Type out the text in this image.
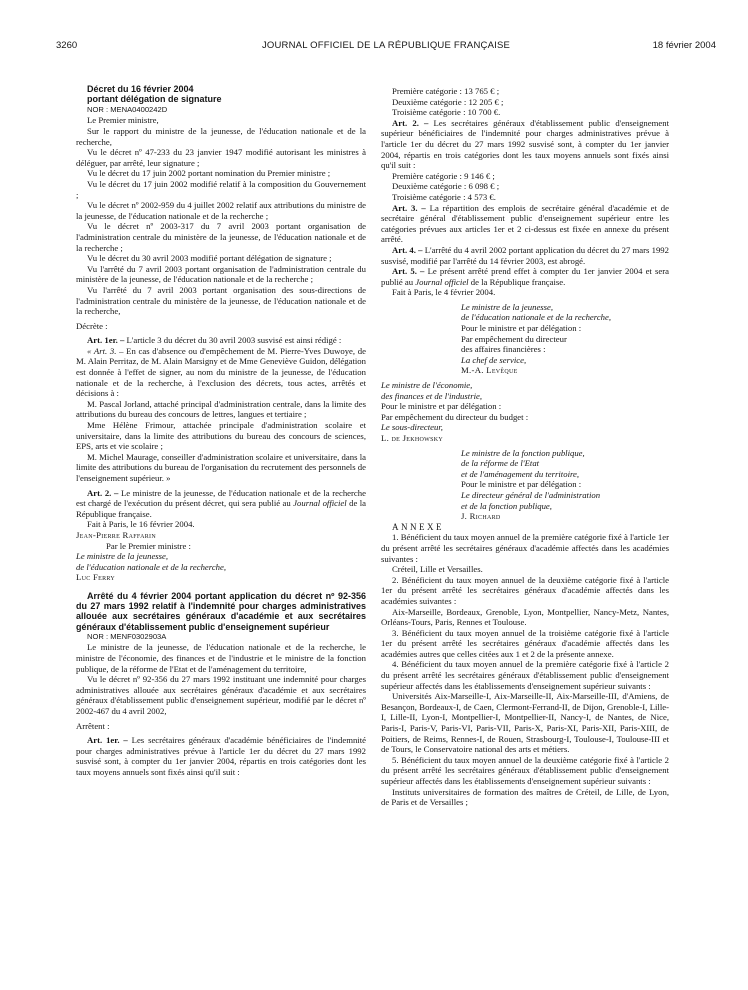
3260	JOURNAL OFFICIEL DE LA RÉPUBLIQUE FRANÇAISE	18 février 2004

Décret du 16 février 2004

portant délégation de signature

NOR : MENA0400242D

Le Premier ministre,

Sur le rapport du ministre de la jeunesse, de l'éducation nationale et de la recherche,

Vu le décret nº 47-233 du 23 janvier 1947 modifié autorisant les ministres à déléguer, par arrêté, leur signature ;

Vu le décret du 17 juin 2002 portant nomination du Premier ministre ;

Vu le décret du 17 juin 2002 modifié relatif à la composition du Gouvernement ;

Vu le décret nº 2002-959 du 4 juillet 2002 relatif aux attributions du ministre de la jeunesse, de l'éducation nationale et de la recherche ;

Vu le décret nº 2003-317 du 7 avril 2003 portant organisation de l'administration centrale du ministère de la jeunesse, de l'éducation nationale et de la recherche ;

Vu le décret du 30 avril 2003 modifié portant délégation de signature ;

Vu l'arrêté du 7 avril 2003 portant organisation de l'administration centrale du ministère de la jeunesse, de l'éducation nationale et de la recherche ;

Vu l'arrêté du 7 avril 2003 portant organisation des sous-directions de l'administration centrale du ministère de la jeunesse, de l'éducation nationale et de la recherche,

Décrète :

Art. 1er. – L'article 3 du décret du 30 avril 2003 susvisé est ainsi rédigé :

« Art. 3. – En cas d'absence ou d'empêchement de M. Pierre-Yves Duwoye, de M. Alain Perritaz, de M. Alain Marsigny et de Mme Geneviève Guidon, délégation est donnée à l'effet de signer, au nom du ministre de la jeunesse, de l'éducation nationale et de la recherche, à l'exclusion des décrets, tous actes, arrêtés et décisions à :

M. Pascal Jorland, attaché principal d'administration centrale, dans la limite des attributions du bureau des concours de lettres, langues et tertiaire ;

Mme Hélène Frimour, attachée principale d'administration scolaire et universitaire, dans la limite des attributions du bureau des concours de sciences, EPS, arts et vie scolaire ;

M. Michel Maurage, conseiller d'administration scolaire et universitaire, dans la limite des attributions du bureau de l'organisation du recrutement des personnels de l'enseignement supérieur. »

Art. 2. – Le ministre de la jeunesse, de l'éducation nationale et de la recherche est chargé de l'exécution du présent décret, qui sera publié au Journal officiel de la République française.

Fait à Paris, le 16 février 2004.

Jean-Pierre Raffarin

Par le Premier ministre :

Le ministre de la jeunesse,

de l'éducation nationale et de la recherche,

Luc Ferry

Arrêté du 4 février 2004 portant application du décret nº 92-356 du 27 mars 1992 relatif à l'indemnité pour charges administratives allouée aux secrétaires généraux d'académie et aux secrétaires généraux d'établissement public d'enseignement supérieur

NOR : MENF0302903A

Le ministre de la jeunesse, de l'éducation nationale et de la recherche, le ministre de l'économie, des finances et de l'industrie et le ministre de la fonction publique, de la réforme de l'Etat et de l'aménagement du territoire,

Vu le décret nº 92-356 du 27 mars 1992 instituant une indemnité pour charges administratives allouée aux secrétaires généraux d'académie et aux secrétaires généraux d'établissement public d'enseignement supérieur, modifié par le décret nº 2002-467 du 4 avril 2002,

Arrêtent :

Art. 1er. – Les secrétaires généraux d'académie bénéficiaires de l'indemnité pour charges administratives prévue à l'article 1er du décret du 27 mars 1992 susvisé sont, à compter du 1er janvier 2004, répartis en trois catégories dont les taux moyens annuels sont fixés ainsi qu'il suit :

Première catégorie : 13 765 € ;

Deuxième catégorie : 12 205 € ;

Troisième catégorie : 10 700 €.

Art. 2. – Les secrétaires généraux d'établissement public d'enseignement supérieur bénéficiaires de l'indemnité pour charges administratives prévue à l'article 1er du décret du 27 mars 1992 susvisé sont, à compter du 1er janvier 2004, répartis en trois catégories dont les taux moyens annuels sont fixés ainsi qu'il suit :

Première catégorie : 9 146 € ;

Deuxième catégorie : 6 098 € ;

Troisième catégorie : 4 573 €.

Art. 3. – La répartition des emplois de secrétaire général d'académie et de secrétaire général d'établissement public d'enseignement supérieur entre les catégories prévues aux articles 1er et 2 ci-dessus est fixée en annexe du présent arrêté.

Art. 4. – L'arrêté du 4 avril 2002 portant application du décret du 27 mars 1992 susvisé, modifié par l'arrêté du 14 février 2003, est abrogé.

Art. 5. – Le présent arrêté prend effet à compter du 1er janvier 2004 et sera publié au Journal officiel de la République française.

Fait à Paris, le 4 février 2004.

Le ministre de la jeunesse,

de l'éducation nationale et de la recherche,

Pour le ministre et par délégation :

Par empêchement du directeur

des affaires financières :

La chef de service,

M.-A. Levêque

Le ministre de l'économie,

des finances et de l'industrie,

Pour le ministre et par délégation :

Par empêchement du directeur du budget :

Le sous-directeur,

L. de Jekhowsky

Le ministre de la fonction publique,

de la réforme de l'Etat

et de l'aménagement du territoire,

Pour le ministre et par délégation :

Le directeur général de l'administration

et de la fonction publique,

J. Richard

ANNEXE

1. Bénéficient du taux moyen annuel de la première catégorie fixé à l'article 1er du présent arrêté les secrétaires généraux d'académie affectés dans les académies suivantes :

Créteil, Lille et Versailles.

2. Bénéficient du taux moyen annuel de la deuxième catégorie fixé à l'article 1er du présent arrêté les secrétaires généraux d'académie affectés dans les académies suivantes :

Aix-Marseille, Bordeaux, Grenoble, Lyon, Montpellier, Nancy-Metz, Nantes, Orléans-Tours, Paris, Rennes et Toulouse.

3. Bénéficient du taux moyen annuel de la troisième catégorie fixé à l'article 1er du présent arrêté les secrétaires généraux d'académie affectés dans les académies autres que celles citées aux 1 et 2 de la présente annexe.

4. Bénéficient du taux moyen annuel de la première catégorie fixé à l'article 2 du présent arrêté les secrétaires généraux d'établissement public d'enseignement supérieur affectés dans les établissements d'enseignement supérieur suivants :

Universités Aix-Marseille-I, Aix-Marseille-II, Aix-Marseille-III, d'Amiens, de Besançon, Bordeaux-I, de Caen, Clermont-Ferrand-II, de Dijon, Grenoble-I, Lille-I, Lille-II, Lyon-I, Montpellier-I, Montpellier-II, Nancy-I, de Nantes, de Nice, Paris-I, Paris-V, Paris-VI, Paris-VII, Paris-X, Paris-XI, Paris-XII, Paris-XIII, de Poitiers, de Reims, Rennes-I, de Rouen, Strasbourg-I, Toulouse-I, Toulouse-III et de Tours, le Conservatoire national des arts et métiers.

5. Bénéficient du taux moyen annuel de la deuxième catégorie fixé à l'article 2 du présent arrêté les secrétaires généraux d'établissement public d'enseignement supérieur affectés dans les établissements d'enseignement supérieur suivants :

Instituts universitaires de formation des maîtres de Créteil, de Lille, de Lyon, de Paris et de Versailles ;
